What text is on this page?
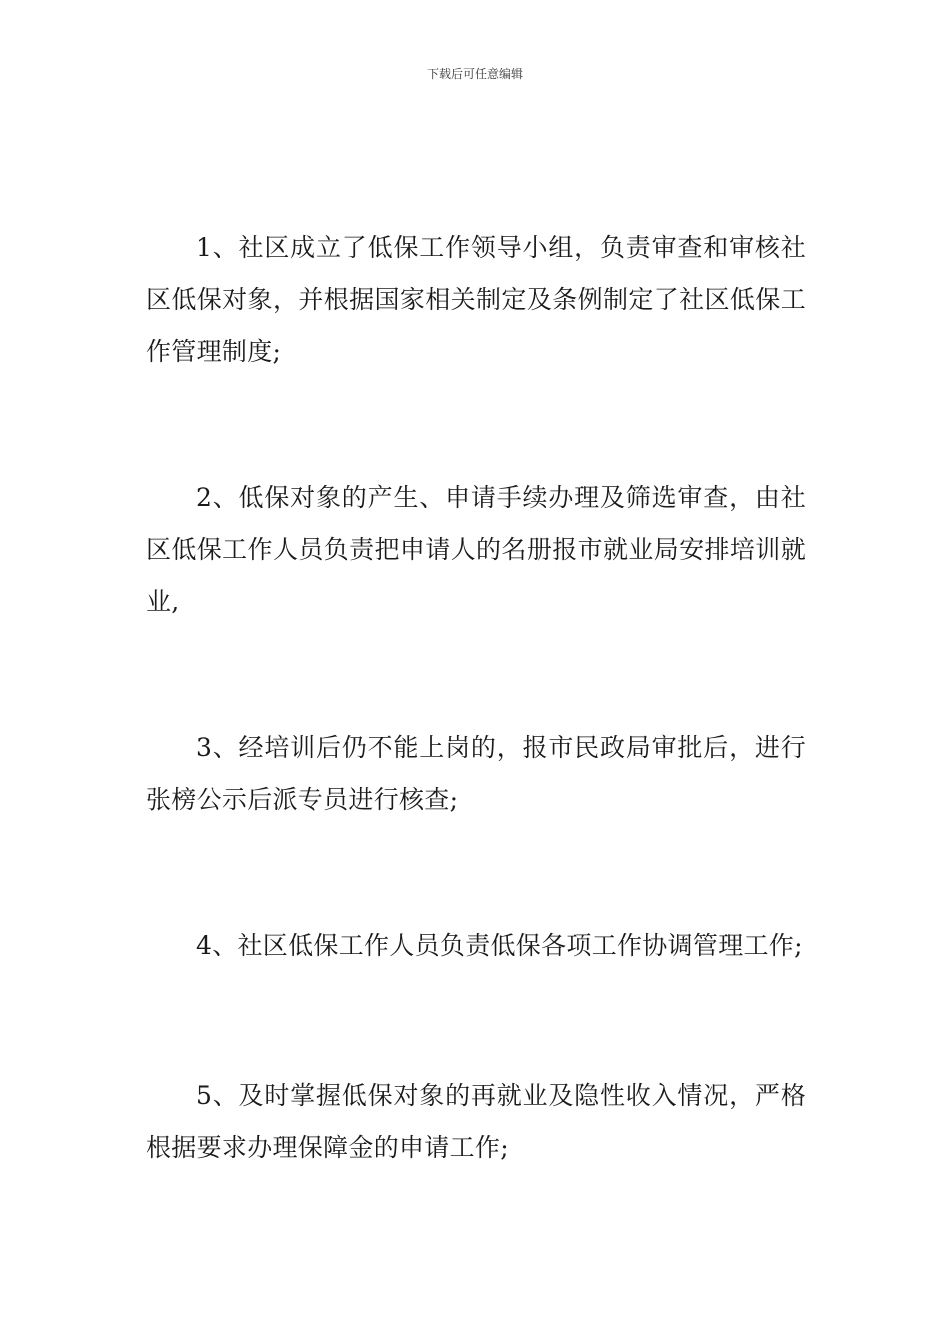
下载后可任意编辑
1、社区成立了低保工作领导小组，负责审查和审核社区低保对象，并根据国家相关制定及条例制定了社区低保工作管理制度;
2、低保对象的产生、申请手续办理及筛选审查，由社区低保工作人员负责把申请人的名册报市就业局安排培训就业,
3、经培训后仍不能上岗的，报市民政局审批后，进行张榜公示后派专员进行核查;
4、社区低保工作人员负责低保各项工作协调管理工作;
5、及时掌握低保对象的再就业及隐性收入情况，严格根据要求办理保障金的申请工作;
